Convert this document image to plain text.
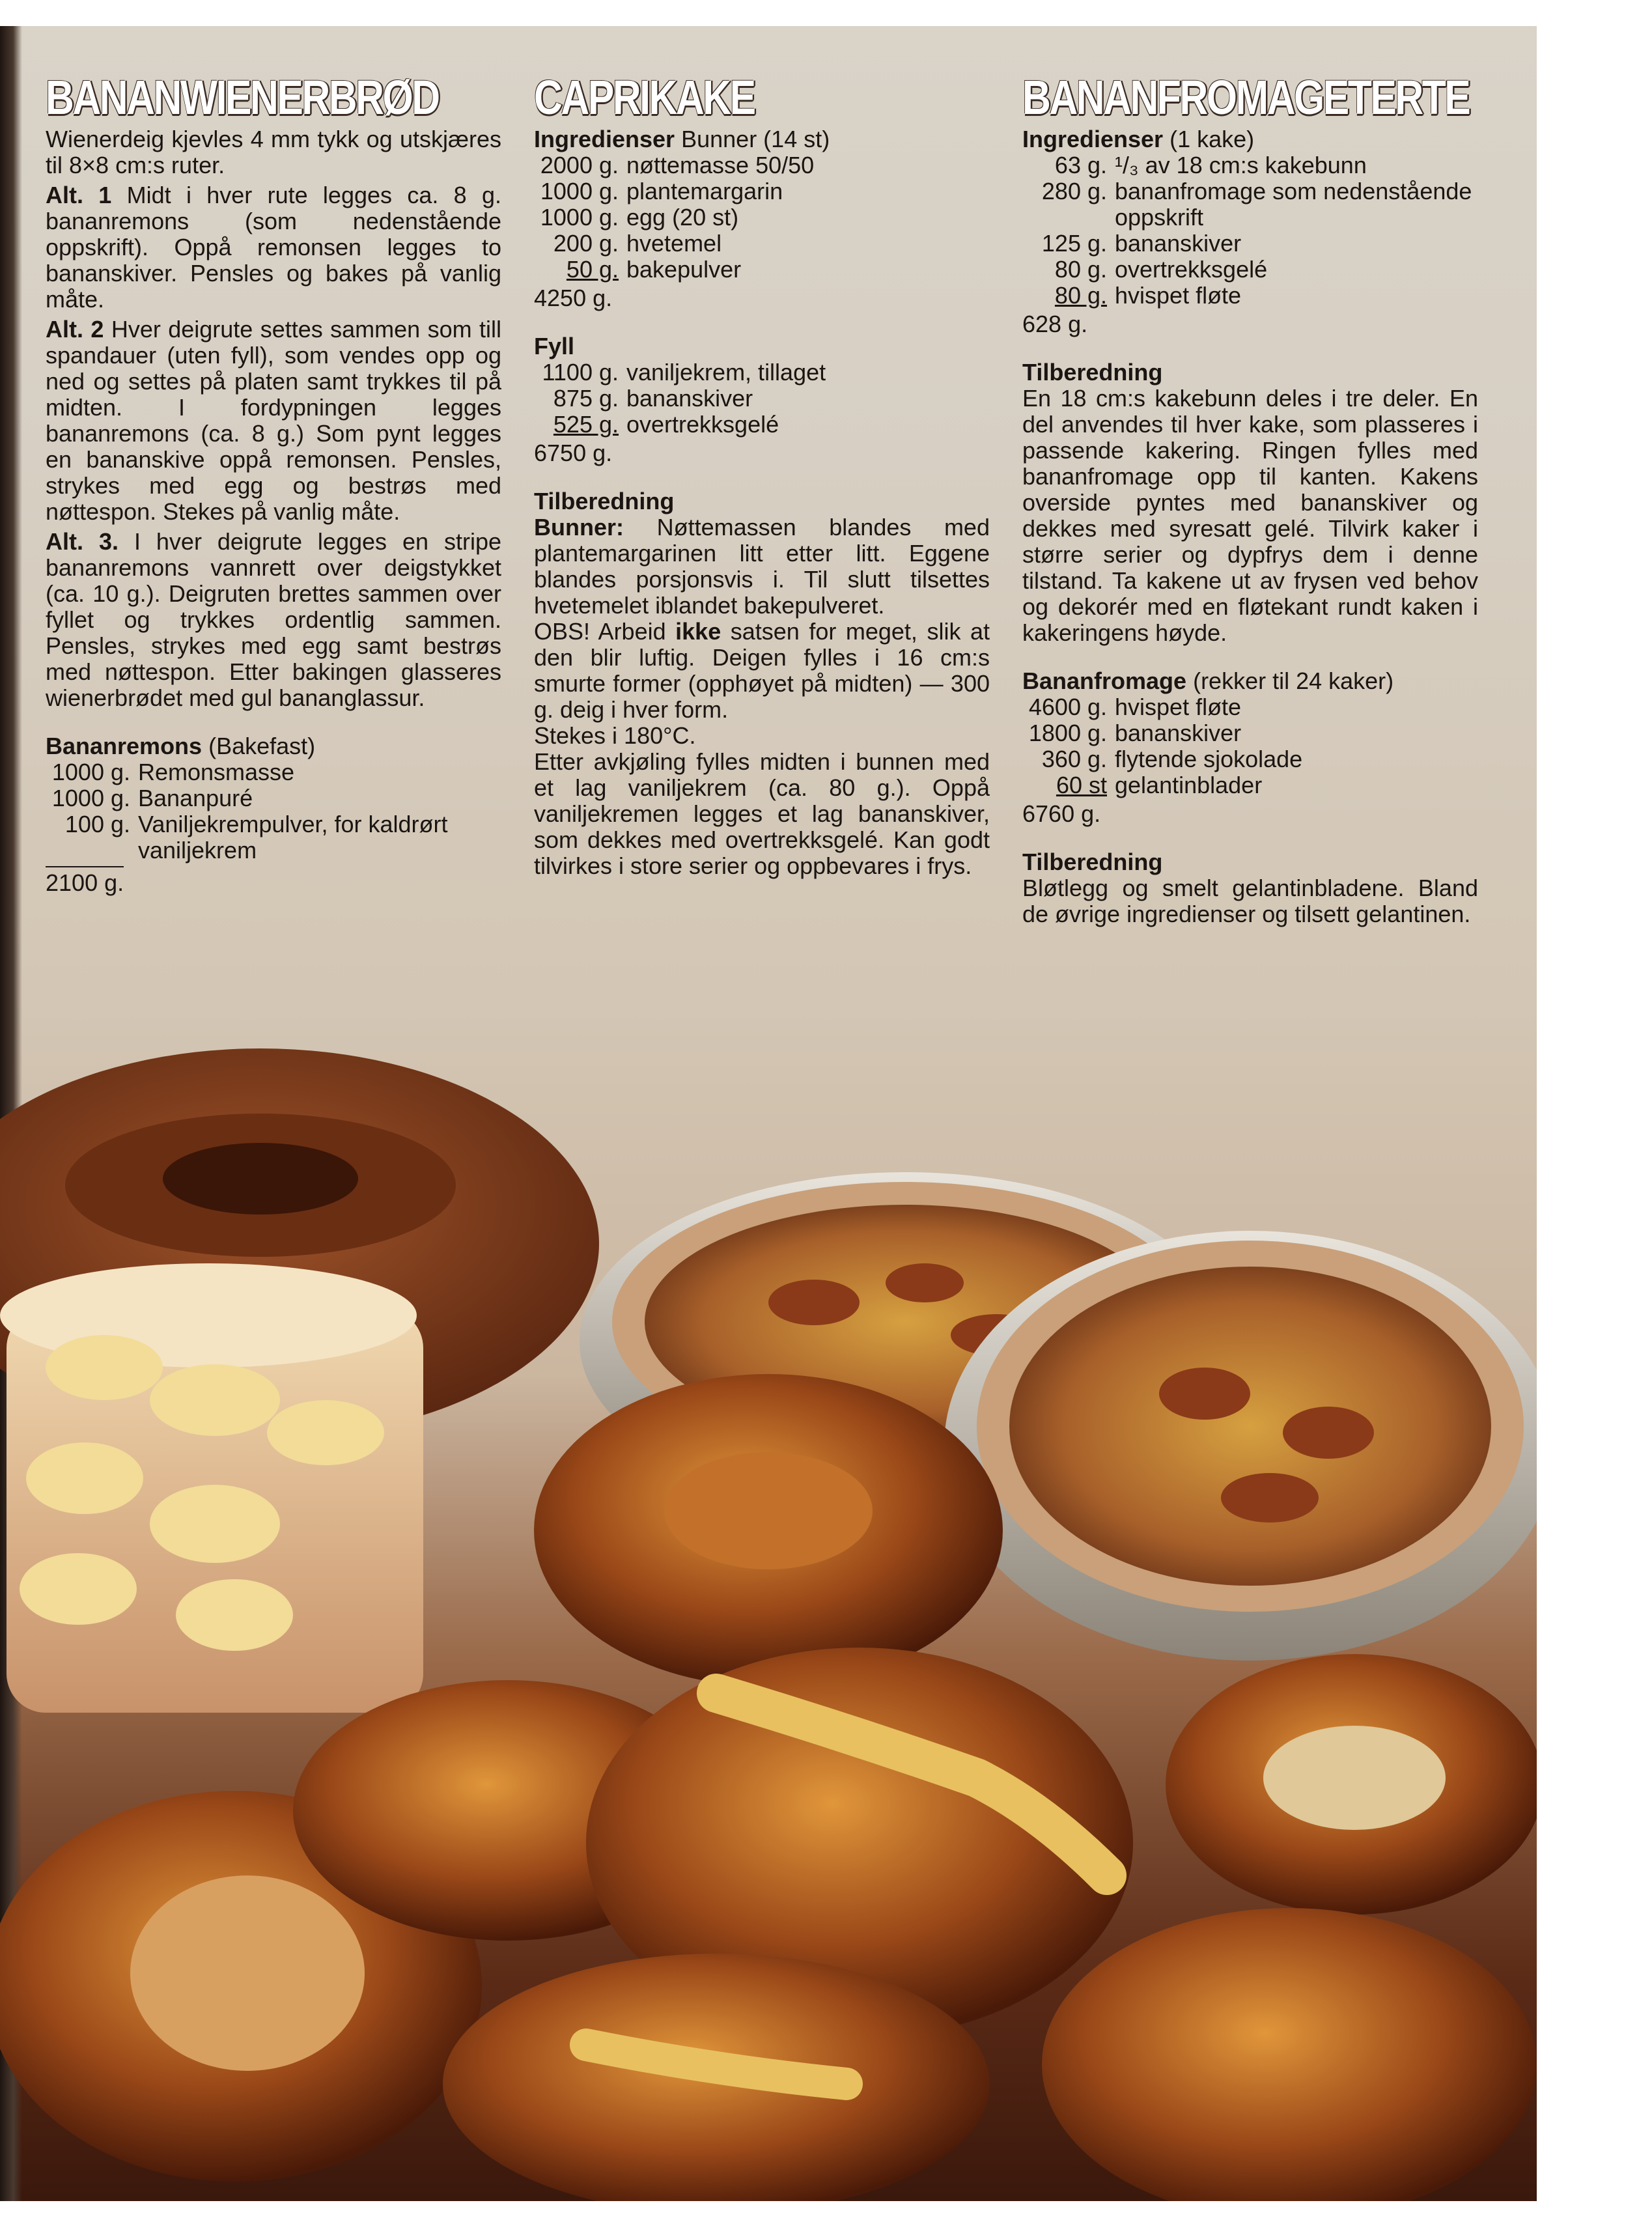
BANANWIENERBRØD
Wienerdeig kjevles 4 mm tykk og utskjæres til 8×8 cm:s ruter.
Alt. 1 Midt i hver rute legges ca. 8 g. bananremons (som nedenstående oppskrift). Oppå remonsen legges to bananskiver. Pensles og bakes på vanlig måte.
Alt. 2 Hver deigrute settes sammen som till spandauer (uten fyll), som vendes opp og ned og settes på platen samt trykkes til på midten. I fordypningen legges bananremons (ca. 8 g.) Som pynt legges en bananskive oppå remonsen. Pensles, strykes med egg og bestrøs med nøttespon. Stekes på vanlig måte.
Alt. 3. I hver deigrute legges en stripe bananremons vannrett over deigstykket (ca. 10 g.). Deigruten brettes sammen over fyllet og trykkes ordentlig sammen. Pensles, strykes med egg samt bestrøs med nøttespon. Etter bakingen glasseres wienerbrødet med gul bananglassur.
Bananremons (Bakefast)
1000 g. Remonsmasse
1000 g. Bananpuré
100 g. Vaniljekrempulver, for kaldrørt vaniljekrem
2100 g.
CAPRIKAKE
Ingredienser Bunner (14 st)
2000 g. nøttemasse 50/50
1000 g. plantemargarin
1000 g. egg (20 st)
200 g. hvetemel
50 g. bakepulver
4250 g.
Fyll
1100 g. vaniljekrem, tillaget
875 g. bananskiver
525 g. overtrekksgelé
6750 g.
Tilberedning
Bunner: Nøttemassen blandes med plantemargarinen litt etter litt. Eggene blandes porsjonsvis i. Til slutt tilsettes hvetemelet iblandet bakepulveret.
OBS! Arbeid ikke satsen for meget, slik at den blir luftig. Deigen fylles i 16 cm:s smurte former (opphøyet på midten) — 300 g. deig i hver form.
Stekes i 180°C.
Etter avkjøling fylles midten i bunnen med et lag vaniljekrem (ca. 80 g.). Oppå vaniljekremen legges et lag bananskiver, som dekkes med overtrekksgelé. Kan godt tilvirkes i store serier og oppbevares i frys.
BANANFROMAGETERTE
Ingredienser (1 kake)
63 g. ¹/₃ av 18 cm:s kakebunn
280 g. bananfromage som nedenstående oppskrift
125 g. bananskiver
80 g. overtrekksgelé
80 g. hvispet fløte
628 g.
Tilberedning
En 18 cm:s kakebunn deles i tre deler. En del anvendes til hver kake, som plasseres i passende kakering. Ringen fylles med bananfromage opp til kanten. Kakens overside pyntes med bananskiver og dekkes med syresatt gelé. Tilvirk kaker i større serier og dypfrys dem i denne tilstand. Ta kakene ut av frysen ved behov og dekorér med en fløtekant rundt kaken i kakeringens høyde.
Bananfromage (rekker til 24 kaker)
4600 g. hvispet fløte
1800 g. bananskiver
360 g. flytende sjokolade
60 st gelantinblader
6760 g.
Tilberedning
Bløtlegg og smelt gelantinbladene. Bland de øvrige ingredienser og tilsett gelantinen.
